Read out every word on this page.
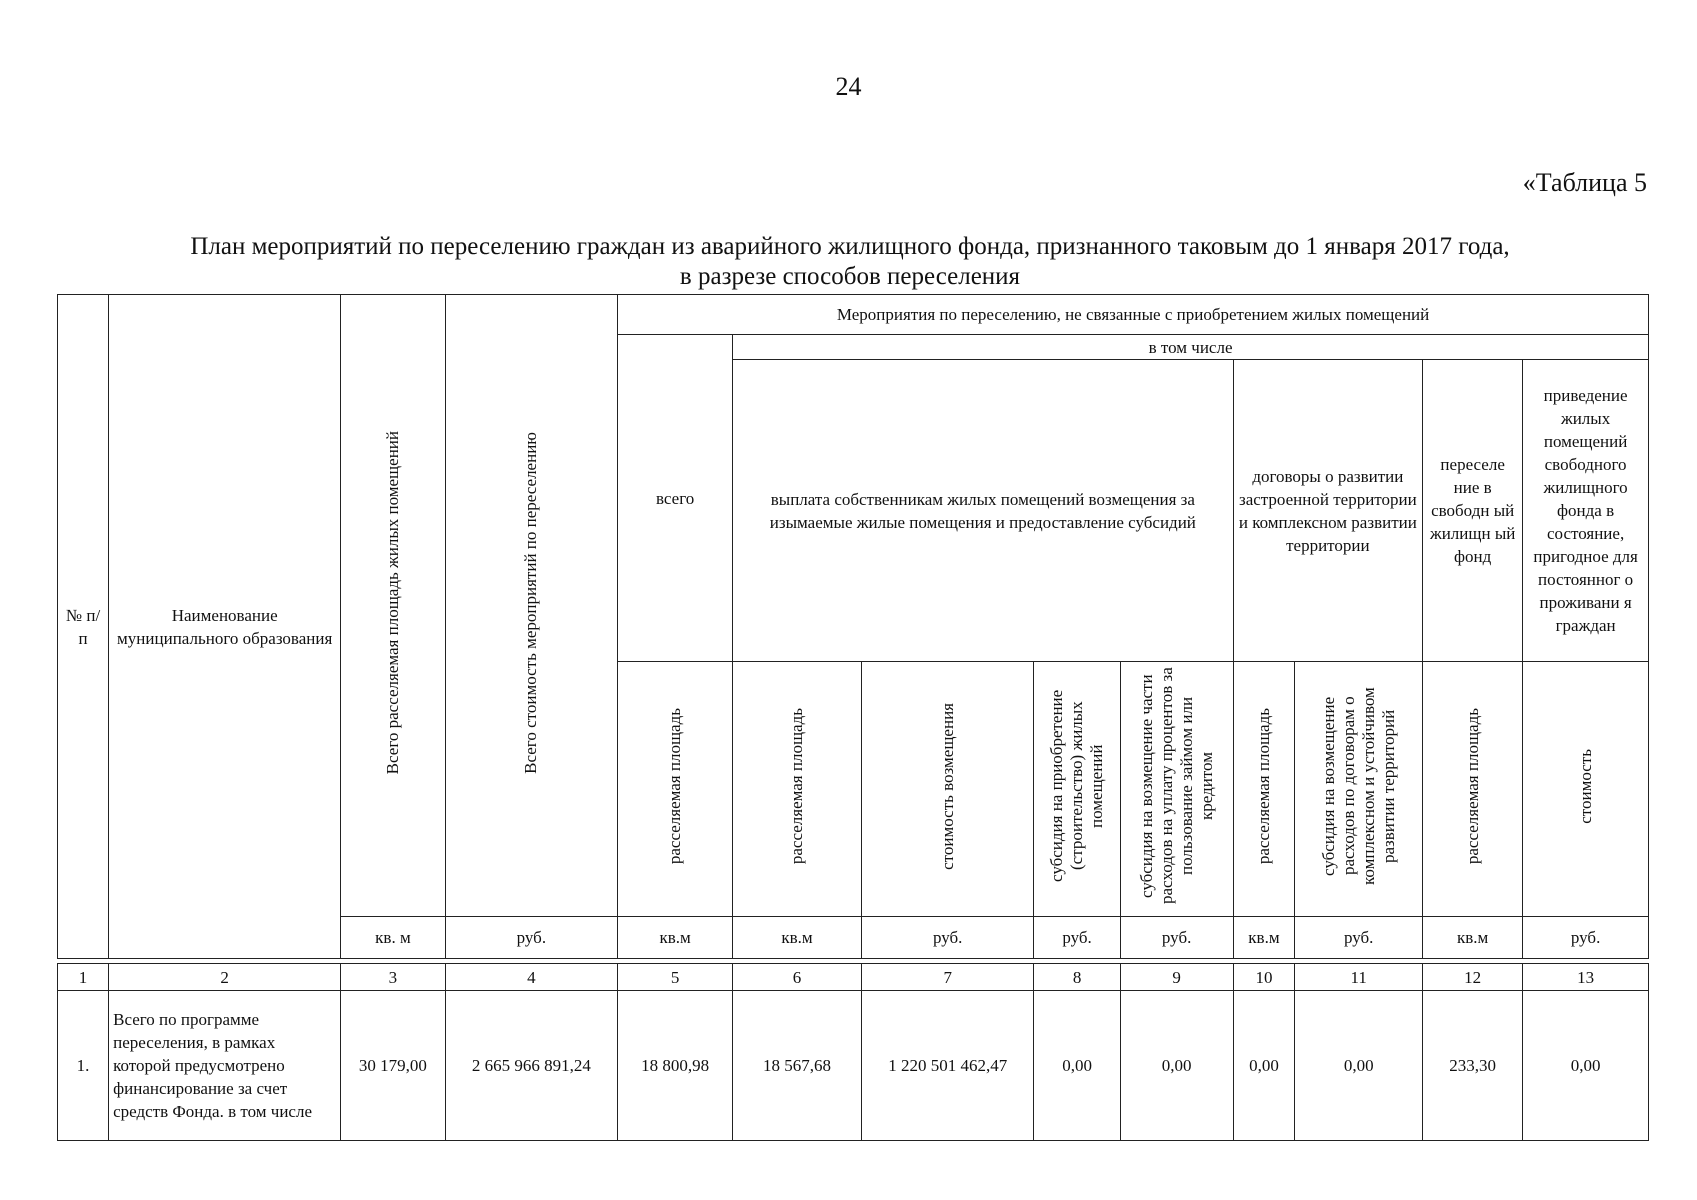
24
«Таблица 5
План мероприятий по переселению граждан из аварийного жилищного фонда, признанного таковым до 1 января 2017 года,
в разрезе способов переселения
№ п/п	Наименование муниципального образования	Всего расселяемая площадь жилых помещений	Всего стоимость мероприятий по переселению	Мероприятия по переселению, не связанные с приобретением жилых помещений								
				всего	в том числе							
					выплата собственникам жилых помещений возмещения за изымаемые жилые помещения и предоставление субсидий				договоры о развитии застроенной территории и комплексном развитии территории		переселе ние в свободн ый жилищн ый фонд	приведение жилых помещений свободного жилищного фонда в состояние, пригодное для постоянног о проживани я граждан
				расселяемая площадь	расселяемая площадь	стоимость возмещения	субсидия на приобретение (строительство) жилых помещений	субсидия на возмещение части расходов на уплату процентов за пользование займом или кредитом	расселяемая площадь	субсидия на возмещение расходов по договорам о комплексном и устойчивом развитии территорий	расселяемая площадь	стоимость
		кв. м	руб.	кв.м	кв.м	руб.	руб.	руб.	кв.м	руб.	кв.м	руб.

1	2	3	4	5	6	7	8	9	10	11	12	13
1.	Всего по программе переселения, в рамках которой предусмотрено финансирование за счет средств Фонда. в том числе	30 179,00	2 665 966 891,24	18 800,98	18 567,68	1 220 501 462,47	0,00	0,00	0,00	0,00	233,30	0,00
